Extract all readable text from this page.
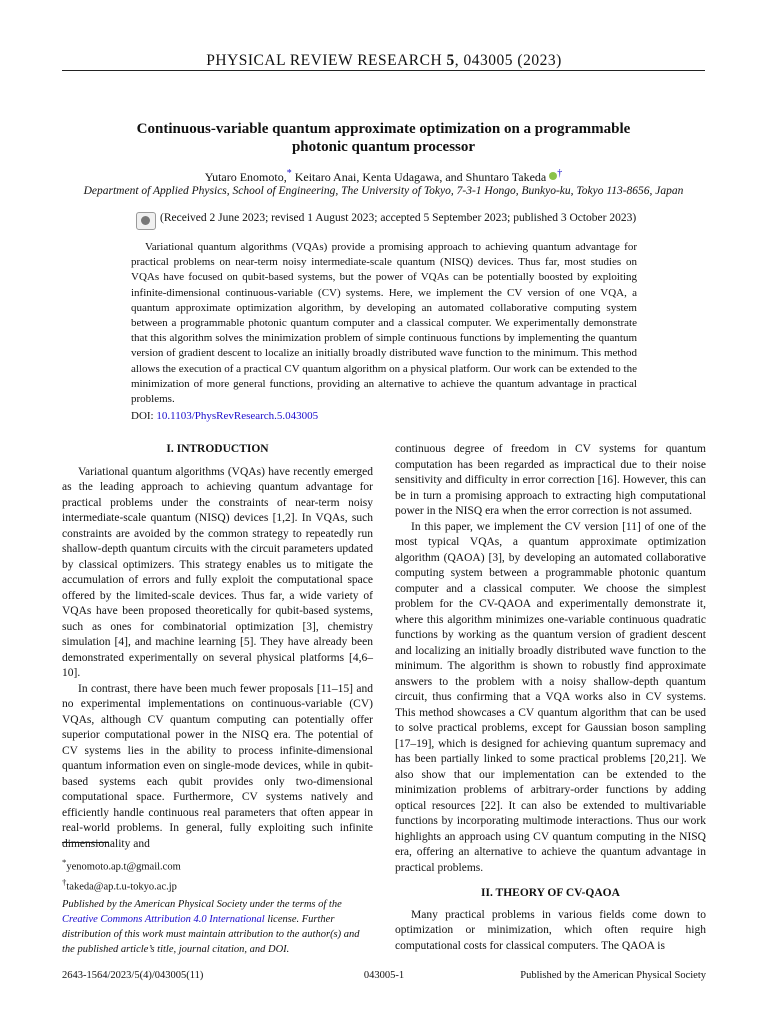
PHYSICAL REVIEW RESEARCH 5, 043005 (2023)
Continuous-variable quantum approximate optimization on a programmable
photonic quantum processor
Yutaro Enomoto,* Keitaro Anai, Kenta Udagawa, and Shuntaro Takeda †
Department of Applied Physics, School of Engineering, The University of Tokyo, 7-3-1 Hongo, Bunkyo-ku, Tokyo 113-8656, Japan
(Received 2 June 2023; revised 1 August 2023; accepted 5 September 2023; published 3 October 2023)
Variational quantum algorithms (VQAs) provide a promising approach to achieving quantum advantage for practical problems on near-term noisy intermediate-scale quantum (NISQ) devices. Thus far, most studies on VQAs have focused on qubit-based systems, but the power of VQAs can be potentially boosted by exploiting infinite-dimensional continuous-variable (CV) systems. Here, we implement the CV version of one VQA, a quantum approximate optimization algorithm, by developing an automated collaborative computing system between a programmable photonic quantum computer and a classical computer. We experimentally demonstrate that this algorithm solves the minimization problem of simple continuous functions by implementing the quantum version of gradient descent to localize an initially broadly distributed wave function to the minimum. This method allows the execution of a practical CV quantum algorithm on a physical platform. Our work can be extended to the minimization of more general functions, providing an alternative to achieve the quantum advantage in practical problems.
DOI: 10.1103/PhysRevResearch.5.043005
I. INTRODUCTION

Variational quantum algorithms (VQAs) have recently emerged as the leading approach to achieving quantum advantage for practical problems under the constraints of near-term noisy intermediate-scale quantum (NISQ) devices [1,2]. In VQAs, such constraints are avoided by the common strategy to repeatedly run shallow-depth quantum circuits with the circuit parameters updated by classical optimizers. This strategy enables us to mitigate the accumulation of errors and fully exploit the computational space offered by the limited-scale devices. Thus far, a wide variety of VQAs have been proposed theoretically for qubit-based systems, such as ones for combinatorial optimization [3], chemistry simulation [4], and machine learning [5]. They have already been demonstrated experimentally on several physical platforms [4,6–10].

In contrast, there have been much fewer proposals [11–15] and no experimental implementations on continuous-variable (CV) VQAs, although CV quantum computing can potentially offer superior computational power in the NISQ era. The potential of CV systems lies in the ability to process infinite-dimensional quantum information even on single-mode devices, while in qubit-based systems each qubit provides only two-dimensional computational space. Furthermore, CV systems natively and efficiently handle continuous real parameters that often appear in real-world problems. In general, fully exploiting such infinite dimensionality and

*yenomoto.ap.t@gmail.com
†takeda@ap.t.u-tokyo.ac.jp
Published by the American Physical Society under the terms of the Creative Commons Attribution 4.0 International license. Further distribution of this work must maintain attribution to the author(s) and the published article’s title, journal citation, and DOI.

continuous degree of freedom in CV systems for quantum computation has been regarded as impractical due to their noise sensitivity and difficulty in error correction [16]. However, this can be in turn a promising approach to extracting high computational power in the NISQ era when the error correction is not assumed.

In this paper, we implement the CV version [11] of one of the most typical VQAs, a quantum approximate optimization algorithm (QAOA) [3], by developing an automated collaborative computing system between a programmable photonic quantum computer and a classical computer. We choose the simplest problem for the CV-QAOA and experimentally demonstrate it, where this algorithm minimizes one-variable continuous quadratic functions by working as the quantum version of gradient descent and localizing an initially broadly distributed wave function to the minimum. The algorithm is shown to robustly find approximate answers to the problem with a noisy shallow-depth quantum circuit, thus confirming that a VQA works also in CV systems. This method showcases a CV quantum algorithm that can be used to solve practical problems, except for Gaussian boson sampling [17–19], which is designed for achieving quantum supremacy and has been partially linked to some practical problems [20,21]. We also show that our implementation can be extended to the minimization problems of arbitrary-order functions by adding optical resources [22]. It can also be extended to multivariable functions by incorporating multimode interactions. Thus our work highlights an approach using CV quantum computing in the NISQ era, offering an alternative to achieve the quantum advantage in practical problems.

II. THEORY OF CV-QAOA

Many practical problems in various fields come down to optimization or minimization, which often require high computational costs for classical computers. The QAOA is

2643-1564/2023/5(4)/043005(11)	043005-1	Published by the American Physical Society
